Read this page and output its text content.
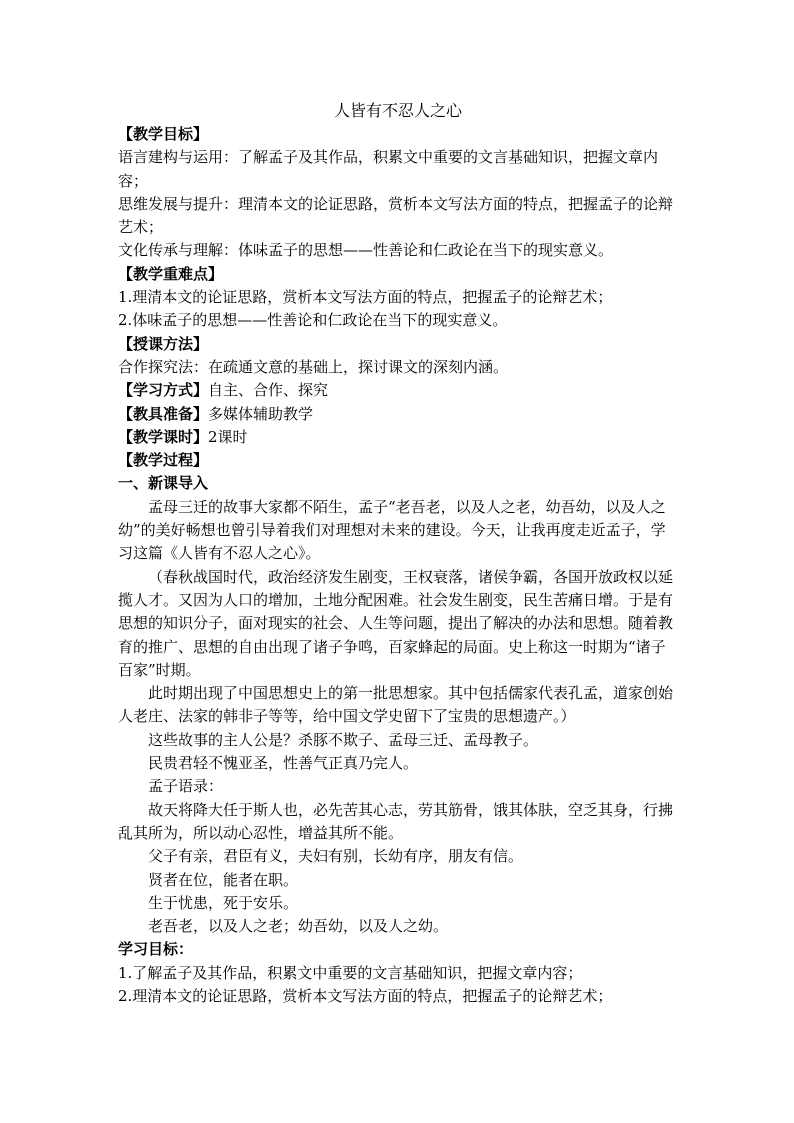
人皆有不忍人之心

【教学目标】

语言建构与运用：了解孟子及其作品，积累文中重要的文言基础知识，把握文章内容；

思维发展与提升：理清本文的论证思路，赏析本文写法方面的特点，把握孟子的论辩艺术；

文化传承与理解：体味孟子的思想——性善论和仁政论在当下的现实意义。

【教学重难点】

1.理清本文的论证思路，赏析本文写法方面的特点，把握孟子的论辩艺术；

2.体味孟子的思想——性善论和仁政论在当下的现实意义。

【授课方法】

合作探究法：在疏通文意的基础上，探讨课文的深刻内涵。

【学习方式】自主、合作、探究

【教具准备】多媒体辅助教学

【教学课时】2课时

【教学过程】

一、新课导入

孟母三迁的故事大家都不陌生，孟子“老吾老，以及人之老，幼吾幼，以及人之幼”的美好畅想也曾引导着我们对理想对未来的建设。今天，让我再度走近孟子，学习这篇《人皆有不忍人之心》。

（春秋战国时代，政治经济发生剧变，王权衰落，诸侯争霸，各国开放政权以延揽人才。又因为人口的增加，土地分配困难。社会发生剧变，民生苦痛日增。于是有思想的知识分子，面对现实的社会、人生等问题，提出了解决的办法和思想。随着教育的推广、思想的自由出现了诸子争鸣，百家蜂起的局面。史上称这一时期为“诸子百家”时期。

此时期出现了中国思想史上的第一批思想家。其中包括儒家代表孔孟，道家创始人老庄、法家的韩非子等等，给中国文学史留下了宝贵的思想遗产。）

这些故事的主人公是？杀豚不欺子、孟母三迁、孟母教子。

民贵君轻不愧亚圣，性善气正真乃完人。

孟子语录：

故天将降大任于斯人也，必先苦其心志，劳其筋骨，饿其体肤，空乏其身，行拂乱其所为，所以动心忍性，增益其所不能。

父子有亲，君臣有义，夫妇有别，长幼有序，朋友有信。

贤者在位，能者在职。

生于忧患，死于安乐。

老吾老，以及人之老；幼吾幼，以及人之幼。

学习目标：

1.了解孟子及其作品，积累文中重要的文言基础知识，把握文章内容；

2.理清本文的论证思路，赏析本文写法方面的特点，把握孟子的论辩艺术；
